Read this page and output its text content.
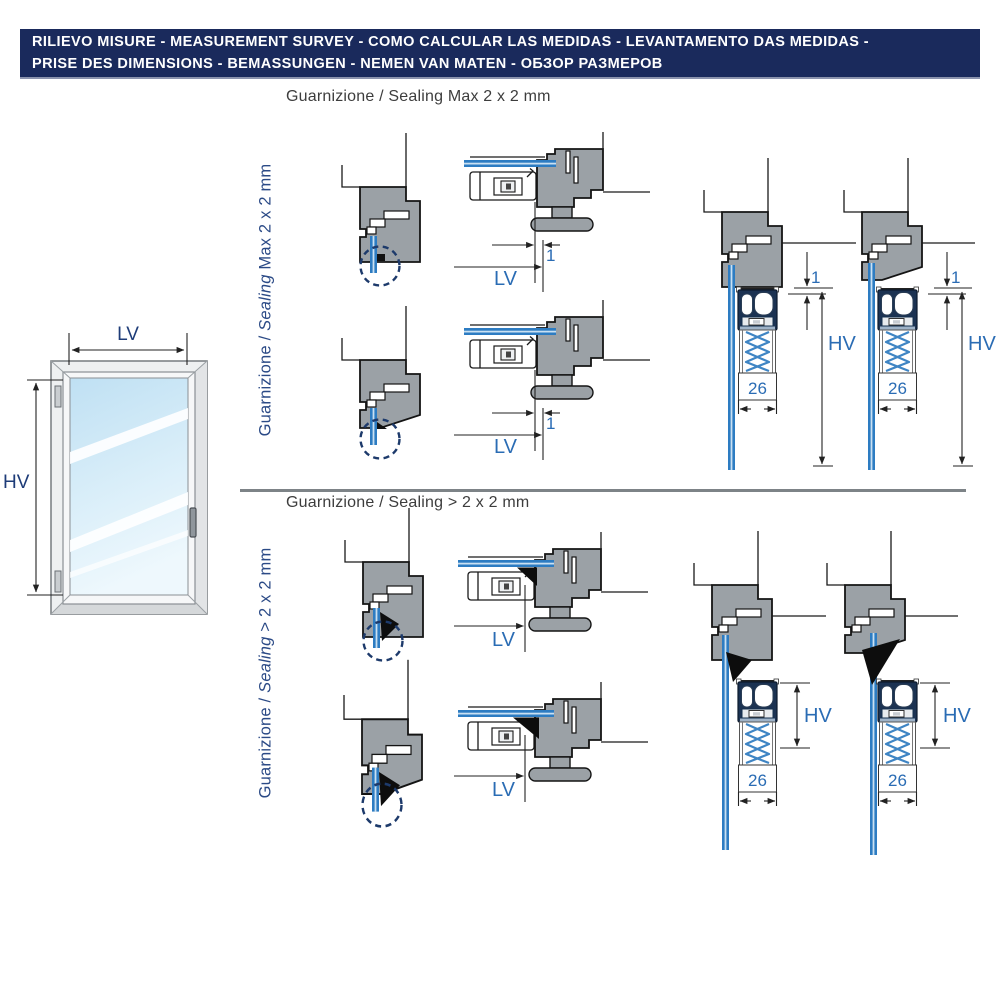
26
LV
HV
1
LV
1
LV
1
HV
1
HV
LV
LV
HV	HV
RILIEVO MISURE - MEASUREMENT SURVEY - COMO CALCULAR LAS MEDIDAS - LEVANTAMENTO DAS MEDIDAS -
PRISE DES DIMENSIONS - BEMASSUNGEN - NEMEN VAN MATEN - ОБЗОР РАЗМЕРОВ
Guarnizione / Sealing Max 2 x 2 mm
Guarnizione / Sealing > 2 x 2 mm
Guarnizione / Sealing Max 2 x 2 mm
Guarnizione / Sealing > 2 x 2 mm
